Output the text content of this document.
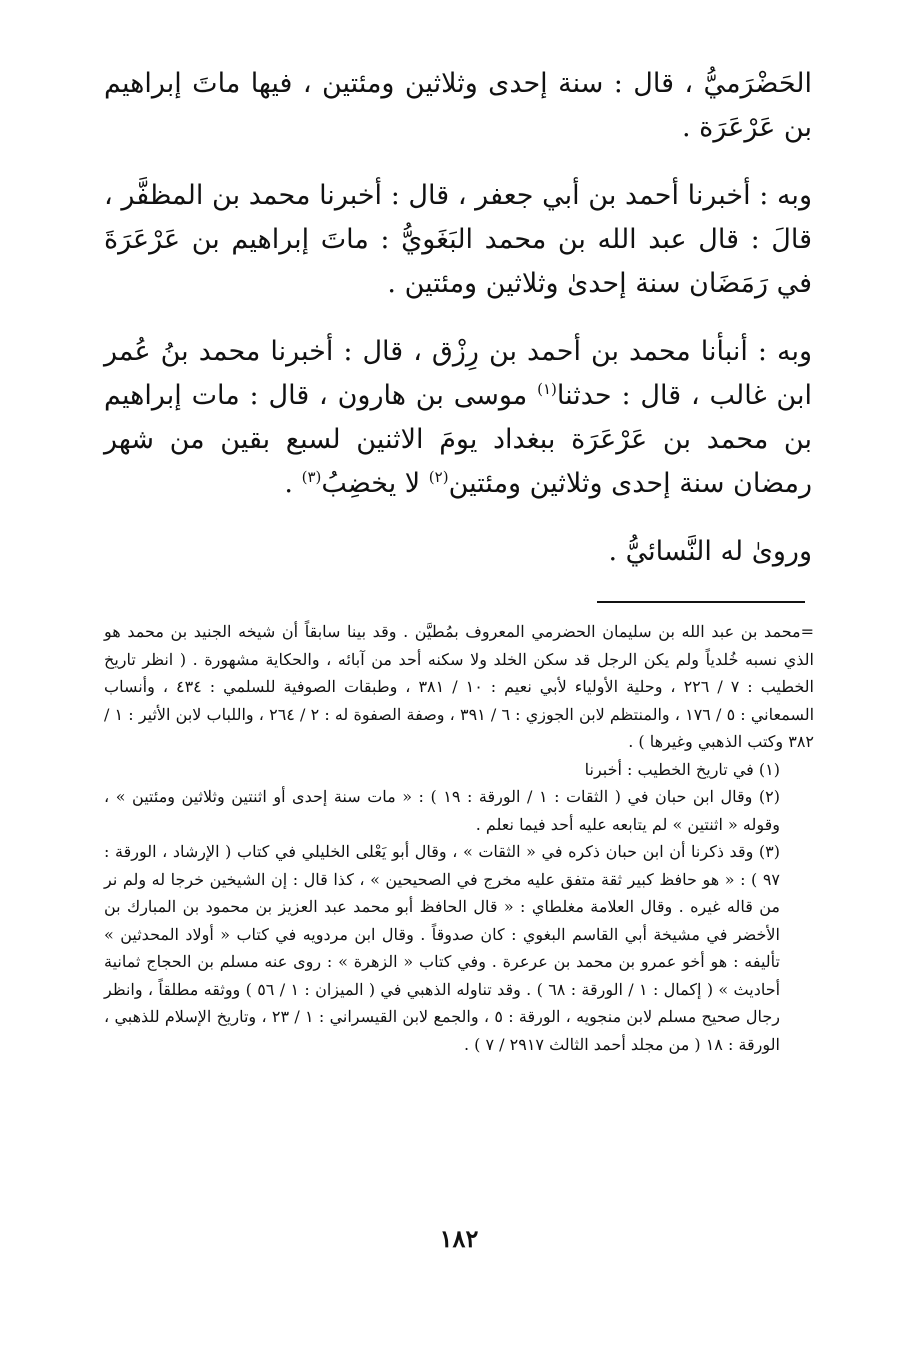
الحَضْرَميُّ ، قال : سنة إحدى وثلاثين ومئتين ، فيها ماتَ إبراهيم بن عَرْعَرَة .

وبه : أخبرنا أحمد بن أبي جعفر ، قال : أخبرنا محمد بن المظفَّر ، قالَ : قال عبد الله بن محمد البَغَويُّ : ماتَ إبراهيم بن عَرْعَرَةَ في رَمَضَان سنة إحدىٰ وثلاثين ومئتين .

وبه : أنبأنا محمد بن أحمد بن رِزْق ، قال : أخبرنا محمد بنُ عُمر ابن غالب ، قال : حدثنا$^{(١)}$ موسى بن هارون ، قال : مات إبراهيم بن محمد بن عَرْعَرَة ببغداد يومَ الاثنين لسبع بقين من شهر رمضان سنة إحدى وثلاثين ومئتين$^{(٢)}$ لا يخضِبُ$^{(٣)}$ .

وروىٰ له النَّسائيُّ .

=محمد بن عبد الله بن سليمان الحضرمي المعروف بمُطيَّن . وقد بينا سابقاً أن شيخه الجنيد بن محمد هو الذي نسبه خُلدياً ولم يكن الرجل قد سكن الخلد ولا سكنه أحد من آبائه ، والحكاية مشهورة . ( انظر تاريخ الخطيب : ٧ / ٢٢٦ ، وحلية الأولياء لأبي نعيم : ١٠ / ٣٨١ ، وطبقات الصوفية للسلمي : ٤٣٤ ، وأنساب السمعاني : ٥ / ١٧٦ ، والمنتظم لابن الجوزي : ٦ / ٣٩١ ، وصفة الصفوة له : ٢ / ٢٦٤ ، واللباب لابن الأثير : ١ / ٣٨٢ وكتب الذهبي وغيرها ) .

(١) في تاريخ الخطيب : أخبرنا

(٢) وقال ابن حبان في ( الثقات : ١ / الورقة : ١٩ ) : « مات سنة إحدى أو اثنتين وثلاثين ومئتين » ، وقوله « اثنتين » لم يتابعه عليه أحد فيما نعلم .

(٣) وقد ذكرنا أن ابن حبان ذكره في « الثقات » ، وقال أبو يَعْلى الخليلي في كتاب ( الإرشاد ، الورقة : ٩٧ ) : « هو حافظ كبير ثقة متفق عليه مخرج في الصحيحين » ، كذا قال : إن الشيخين خرجا له ولم نر من قاله غيره . وقال العلامة مغلطاي : « قال الحافظ أبو محمد عبد العزيز بن محمود بن المبارك بن الأخضر في مشيخة أبي القاسم البغوي : كان صدوقاً . وقال ابن مردويه في كتاب « أولاد المحدثين » تأليفه : هو أخو عمرو بن محمد بن عرعرة . وفي كتاب « الزهرة » : روى عنه مسلم بن الحجاج ثمانية أحاديث » ( إكمال : ١ / الورقة : ٦٨ ) . وقد تناوله الذهبي في ( الميزان : ١ / ٥٦ ) ووثقه مطلقاً ، وانظر رجال صحيح مسلم لابن منجويه ، الورقة : ٥ ، والجمع لابن القيسراني : ١ / ٢٣ ، وتاريخ الإسلام للذهبي ، الورقة : ١٨ ( من مجلد أحمد الثالث ٢٩١٧ / ٧ ) .

١٨٢
